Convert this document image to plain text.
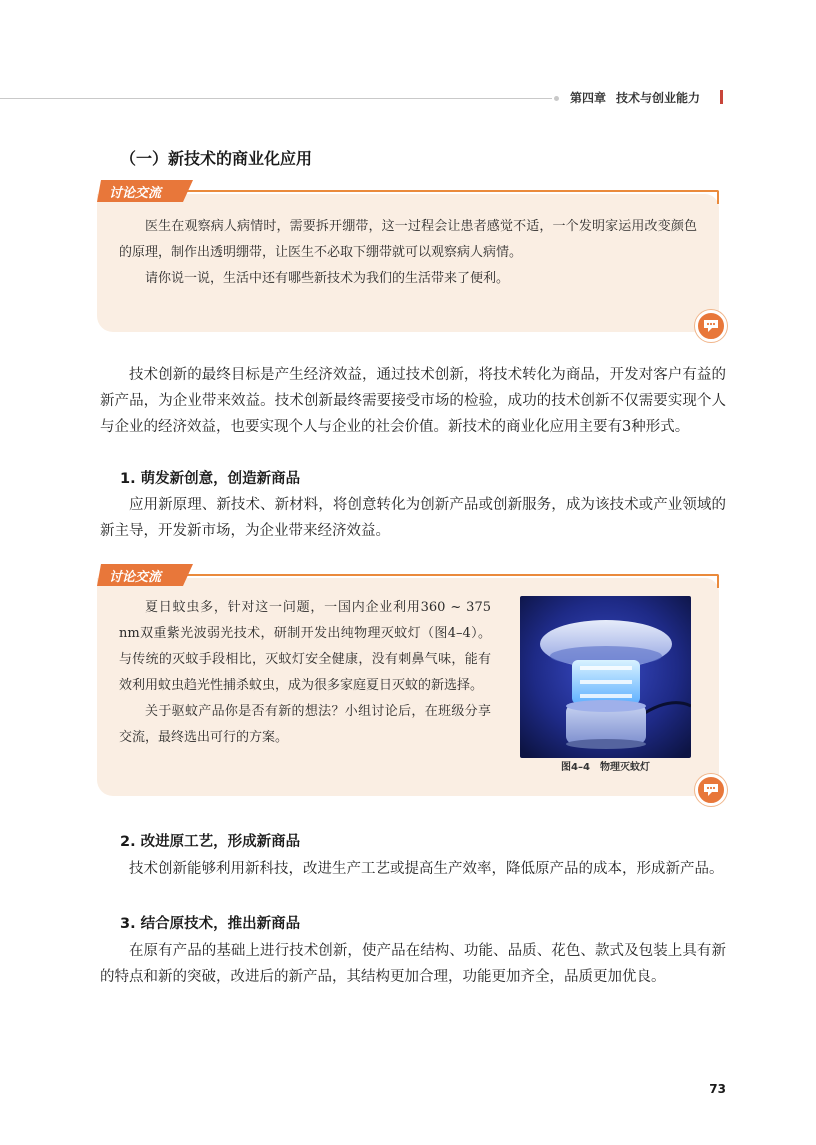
第四章 技术与创业能力
（一）新技术的商业化应用
讨论交流

医生在观察病人病情时，需要拆开绷带，这一过程会让患者感觉不适，一个发明家运用改变颜色的原理，制作出透明绷带，让医生不必取下绷带就可以观察病人病情。

请你说一说，生活中还有哪些新技术为我们的生活带来了便利。

技术创新的最终目标是产生经济效益，通过技术创新，将技术转化为商品，开发对客户有益的新产品，为企业带来效益。技术创新最终需要接受市场的检验，成功的技术创新不仅需要实现个人与企业的经济效益，也要实现个人与企业的社会价值。新技术的商业化应用主要有3种形式。

1. 萌发新创意，创造新商品

应用新原理、新技术、新材料，将创意转化为创新产品或创新服务，成为该技术或产业领域的新主导，开发新市场，为企业带来经济效益。

讨论交流

夏日蚊虫多，针对这一问题，一国内企业利用360 ~ 375 nm双重紫光波弱光技术，研制开发出纯物理灭蚊灯（图4–4）。与传统的灭蚊手段相比，灭蚊灯安全健康，没有刺鼻气味，能有效利用蚊虫趋光性捕杀蚊虫，成为很多家庭夏日灭蚊的新选择。

关于驱蚊产品你是否有新的想法？小组讨论后，在班级分享交流，最终选出可行的方案。

图4–4　物理灭蚊灯
2. 改进原工艺，形成新商品

技术创新能够利用新科技，改进生产工艺或提高生产效率，降低原产品的成本，形成新产品。

3. 结合原技术，推出新商品

在原有产品的基础上进行技术创新，使产品在结构、功能、品质、花色、款式及包装上具有新的特点和新的突破，改进后的新产品，其结构更加合理，功能更加齐全，品质更加优良。

73
